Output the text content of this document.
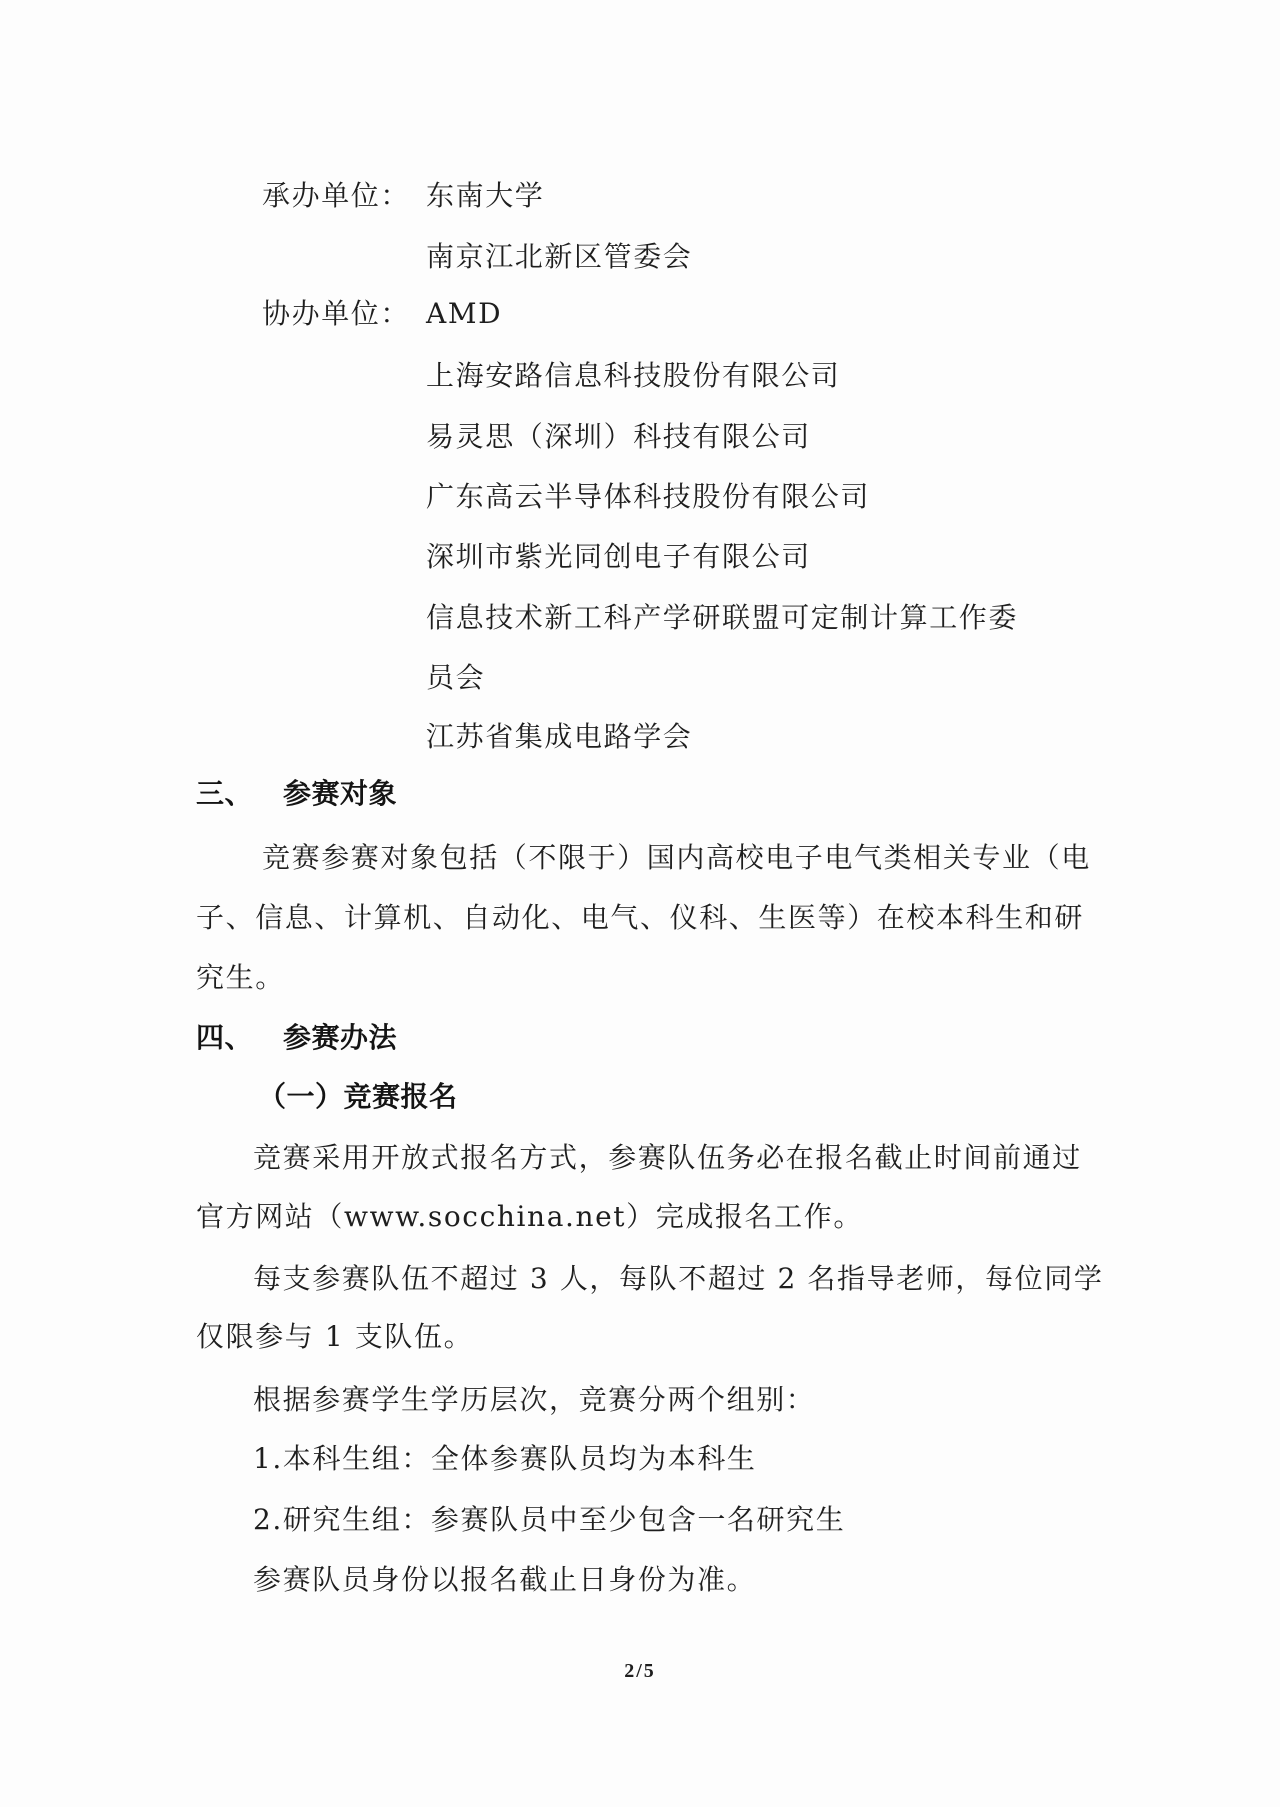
承办单位： 东南大学
南京江北新区管委会
协办单位： AMD
上海安路信息科技股份有限公司
易灵思（深圳）科技有限公司
广东高云半导体科技股份有限公司
深圳市紫光同创电子有限公司
信息技术新工科产学研联盟可定制计算工作委
员会
江苏省集成电路学会
三、 参赛对象
竞赛参赛对象包括（不限于）国内高校电子电气类相关专业（电
子、信息、计算机、自动化、电气、仪科、生医等）在校本科生和研
究生。
四、 参赛办法
（一）竞赛报名
竞赛采用开放式报名方式，参赛队伍务必在报名截止时间前通过
官方网站（www.socchina.net）完成报名工作。
每支参赛队伍不超过 3 人，每队不超过 2 名指导老师，每位同学
仅限参与 1 支队伍。
根据参赛学生学历层次，竞赛分两个组别：
1.本科生组：全体参赛队员均为本科生
2.研究生组：参赛队员中至少包含一名研究生
参赛队员身份以报名截止日身份为准。
2/5
